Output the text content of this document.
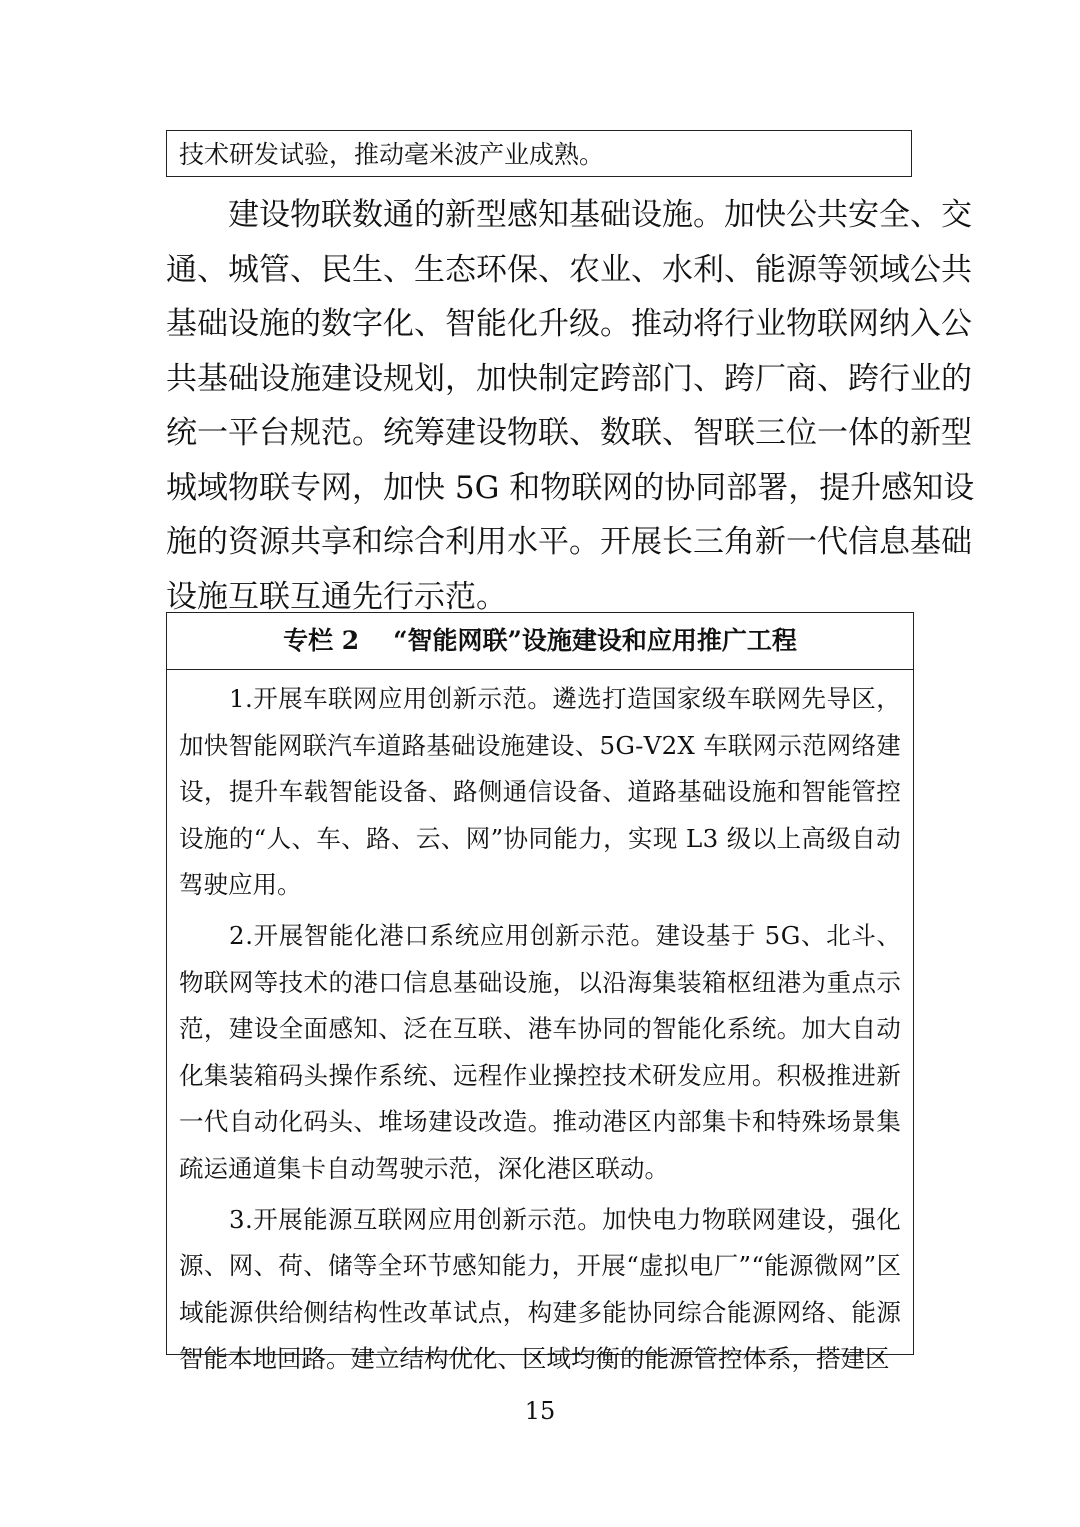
技术研发试验，推动毫米波产业成熟。
建 设 物 联 数 通 的 新 型 感 知 基 础 设 施 。 加 快 公 共 安 全 、 交
通 、 城 管 、 民 生 、 生 态 环 保 、 农 业 、 水 利 、 能 源 等 领 域 公 共
基 础 设 施 的 数 字 化 、 智 能 化 升 级 。 推 动 将 行 业 物 联 网 纳 入 公
共 基 础 设 施 建 设 规 划 ， 加 快 制 定 跨 部 门 、 跨 厂 商 、 跨 行 业 的
统 一 平 台 规 范 。 统 筹 建 设 物 联 、 数 联 、 智 联 三 位 一 体 的 新 型
城 域 物 联 专 网 ， 加 快
5 G
和 物 联 网 的 协 同 部 署 ， 提 升 感 知 设
施 的 资 源 共 享 和 综 合 利 用 水 平 。 开 展 长 三 角 新 一 代 信 息 基 础
设施互联互通先行示范。
专栏 2 “智能网联”设施建设和应用推广工程
1 . 开 展 车 联 网 应 用 创 新 示 范 。 遴 选 打 造 国 家 级 车 联 网 先 导 区 ，
加 快 智 能 网 联 汽 车 道 路 基 础 设 施 建 设 、 5 G - V 2 X
车 联 网 示 范 网 络 建
设 ， 提 升 车 载 智 能 设 备 、 路 侧 通 信 设 备 、 道 路 基 础 设 施 和 智 能 管 控
设 施 的 “ 人 、 车 、 路 、 云 、 网 ” 协 同 能 力 ， 实 现
L 3
级 以 上 高 级 自 动
驾驶应用。
2 . 开 展 智 能 化 港 口 系 统 应 用 创 新 示 范 。 建 设 基 于
5 G 、 北 斗 、
物 联 网 等 技 术 的 港 口 信 息 基 础 设 施 ， 以 沿 海 集 装 箱 枢 纽 港 为 重 点 示
范 ， 建 设 全 面 感 知 、 泛 在 互 联 、 港 车 协 同 的 智 能 化 系 统 。 加 大 自 动
化 集 装 箱 码 头 操 作 系 统 、 远 程 作 业 操 控 技 术 研 发 应 用 。 积 极 推 进 新
一 代 自 动 化 码 头 、 堆 场 建 设 改 造 。 推 动 港 区 内 部 集 卡 和 特 殊 场 景 集
疏运通道集卡自动驾驶示范，深化港区联动。
3 . 开 展 能 源 互 联 网 应 用 创 新 示 范 。 加 快 电 力 物 联 网 建 设 ， 强 化
源 、 网 、 荷 、 储 等 全 环 节 感 知 能 力 ， 开 展 “ 虚 拟 电 厂 ” “ 能 源 微 网 ” 区
域 能 源 供 给 侧 结 构 性 改 革 试 点 ， 构 建 多 能 协 同 综 合 能 源 网 络 、 能 源
智能本地回路。建立结构优化、区域均衡的能源管控体系，搭建区
15
